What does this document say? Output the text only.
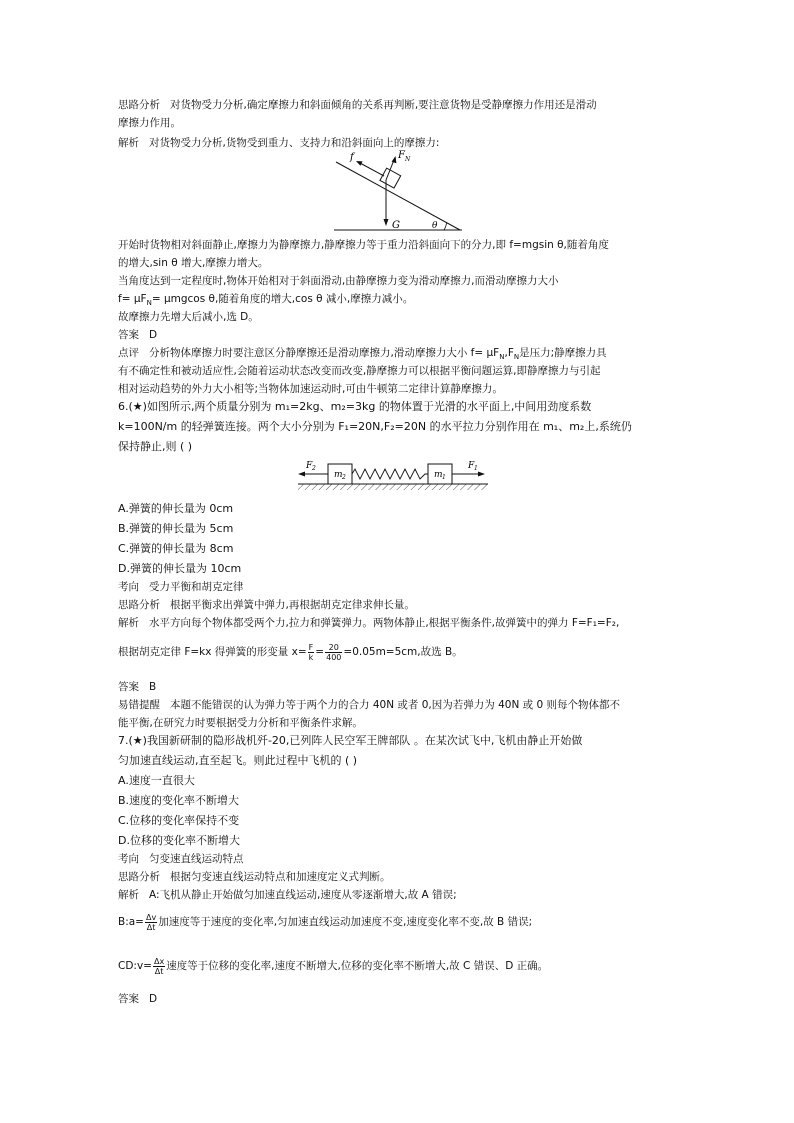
思路分析 对货物受力分析,确定摩擦力和斜面倾角的关系再判断,要注意货物是受静摩擦力作用还是滑动
摩擦力作用。
解析 对货物受力分析,货物受到重力、支持力和沿斜面向上的摩擦力:
f	F N
G	θ
开始时货物相对斜面静止,摩擦力为静摩擦力,静摩擦力等于重力沿斜面向下的分力,即 f=mgsin θ,随着角度
的增大,sin θ 增大,摩擦力增大。
当角度达到一定程度时,物体开始相对于斜面滑动,由静摩擦力变为滑动摩擦力,而滑动摩擦力大小
$f= \mu F_N= \mu mgcos$ θ,随着角度的增大,cos θ 减小,摩擦力减小。
故摩擦力先增大后减小,选 D。
答案 D
点评 分析物体摩擦力时要注意区分静摩擦还是滑动摩擦力,滑动摩擦力大小 $f= \mu F_N,F_N$是压力;静摩擦力具
有不确定性和被动适应性,会随着运动状态改变而改变,静摩擦力可以根据平衡问题运算,即静摩擦力与引起
相对运动趋势的外力大小相等;当物体加速运动时,可由牛顿第二定律计算静摩擦力。
6.(★)如图所示,两个质量分别为 m₁=2kg、m₂=3kg 的物体置于光滑的水平面上,中间用劲度系数
k=100N/m 的轻弹簧连接。两个大小分别为 F₁=20N,F₂=20N 的水平拉力分别作用在 m₁、m₂上,系统仍
保持静止,则 ( )
F 2
m 2	m 1
F 1
A.弹簧的伸长量为 0cm
B.弹簧的伸长量为 5cm
C.弹簧的伸长量为 8cm
D.弹簧的伸长量为 10cm
考向 受力平衡和胡克定律
思路分析 根据平衡求出弹簧中弹力,再根据胡克定律求伸长量。
解析 水平方向每个物体都受两个力,拉力和弹簧弹力。两物体静止,根据平衡条件,故弹簧中的弹力 F=F₁=F₂,
根据胡克定律 F=kx 得弹簧的形变量 $x= \frac{F}{k} = \frac{20}{400} =0.05m=5cm$,故选 B。
答案 B
易错提醒 本题不能错误的认为弹力等于两个力的合力 40N 或者 0,因为若弹力为 40N 或 0 则每个物体都不
能平衡,在研究力时要根据受力分析和平衡条件求解。
7.(★)我国新研制的隐形战机歼-20,已列阵人民空军王牌部队 。在某次试飞中,飞机由静止开始做
匀加速直线运动,直至起飞。则此过程中飞机的 ( )
A.速度一直很大
B.速度的变化率不断增大
C.位移的变化率保持不变
D.位移的变化率不断增大
考向 匀变速直线运动特点
思路分析 根据匀变速直线运动特点和加速度定义式判断。
解析 A:飞机从静止开始做匀加速直线运动,速度从零逐渐增大,故 A 错误;
B:a= $\frac{\Delta v}{\Delta t}$ 加速度等于速度的变化率,匀加速直线运动加速度不变,速度变化率不变,故 B 错误;
CD:v= $\frac{\Delta x}{\Delta t}$ 速度等于位移的变化率,速度不断增大,位移的变化率不断增大,故 C 错误、D 正确。
答案 D
